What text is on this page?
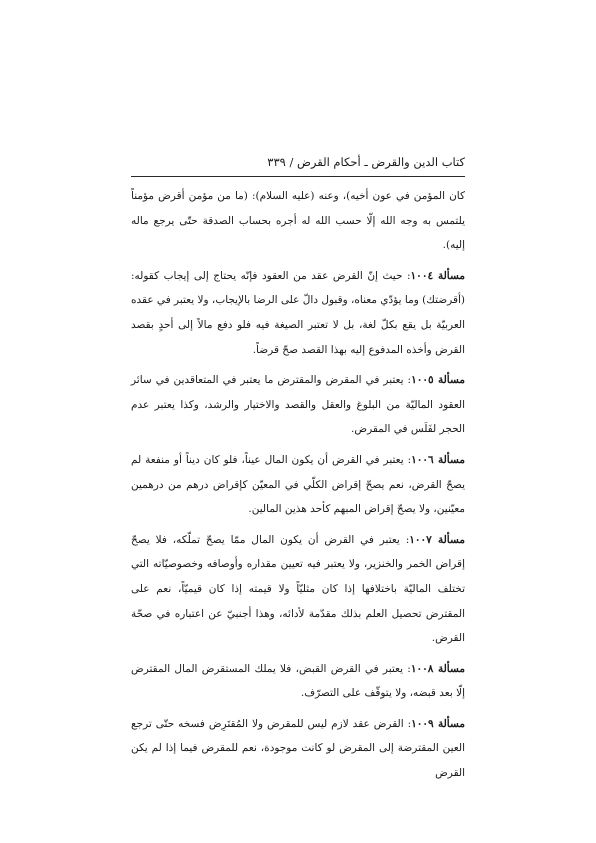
كتاب الدين والقرض ـ أحكام القرض / ٣٣٩

كان المؤمن في عون أخيه)، وعنه (عليه السلام): (ما من مؤمن أقرض مؤمناً يلتمس به وجه الله إلّا حسب الله له أجره بحساب الصدقة حتّى يرجع ماله إليه).

مسألة ١٠٠٤: حيث إنّ القرض عقد من العقود فإنّه يحتاج إلى إيجاب كقوله: (أقرضتك) وما يؤدّي معناه، وقبول دالّ على الرضا بالإيجاب، ولا يعتبر في عقده العربيّة بل يقع بكلّ لغة، بل لا تعتبر الصيغة فيه فلو دفع مالاً إلى أحدٍ بقصد القرض وأخذه المدفوع إليه بهذا القصد صحّ قرضاً.

مسألة ١٠٠٥: يعتبر في المقرض والمقترض ما يعتبر في المتعاقدين في سائر العقود الماليّة من البلوغ والعقل والقصد والاختيار والرشد، وكذا يعتبر عدم الحجر لفَلَس في المقرض.

مسألة ١٠٠٦: يعتبر في القرض أن يكون المال عيناً، فلو كان ديناً أو منفعة لم يصحّ القرض، نعم يصحّ إقراض الكلّي في المعيّن كإقراض درهم من درهمين معيّنين، ولا يصحّ إقراض المبهم كأحد هذين المالين.

مسألة ١٠٠٧: يعتبر في القرض أن يكون المال ممّا يصحّ تملّكه، فلا يصحّ إقراض الخمر والخنزير، ولا يعتبر فيه تعيين مقداره وأوصافه وخصوصيّاته التي تختلف الماليّة باختلافها إذا كان مثليّاً ولا قيمته إذا كان قيميّاً، نعم على المقترض تحصيل العلم بذلك مقدّمة لأدائه، وهذا أجنبيّ عن اعتباره في صحّة القرض.

مسألة ١٠٠٨: يعتبر في القرض القبض، فلا يملك المستقرض المال المقترض إلّا بعد قبضه، ولا يتوقّف على التصرّف.

مسألة ١٠٠٩: القرض عقد لازم ليس للمقرض ولا المُقتَرِض فسخه حتّى ترجع العين المقترضة إلى المقرض لو كانت موجودة، نعم للمقرض فيما إذا لم يكن القرض
